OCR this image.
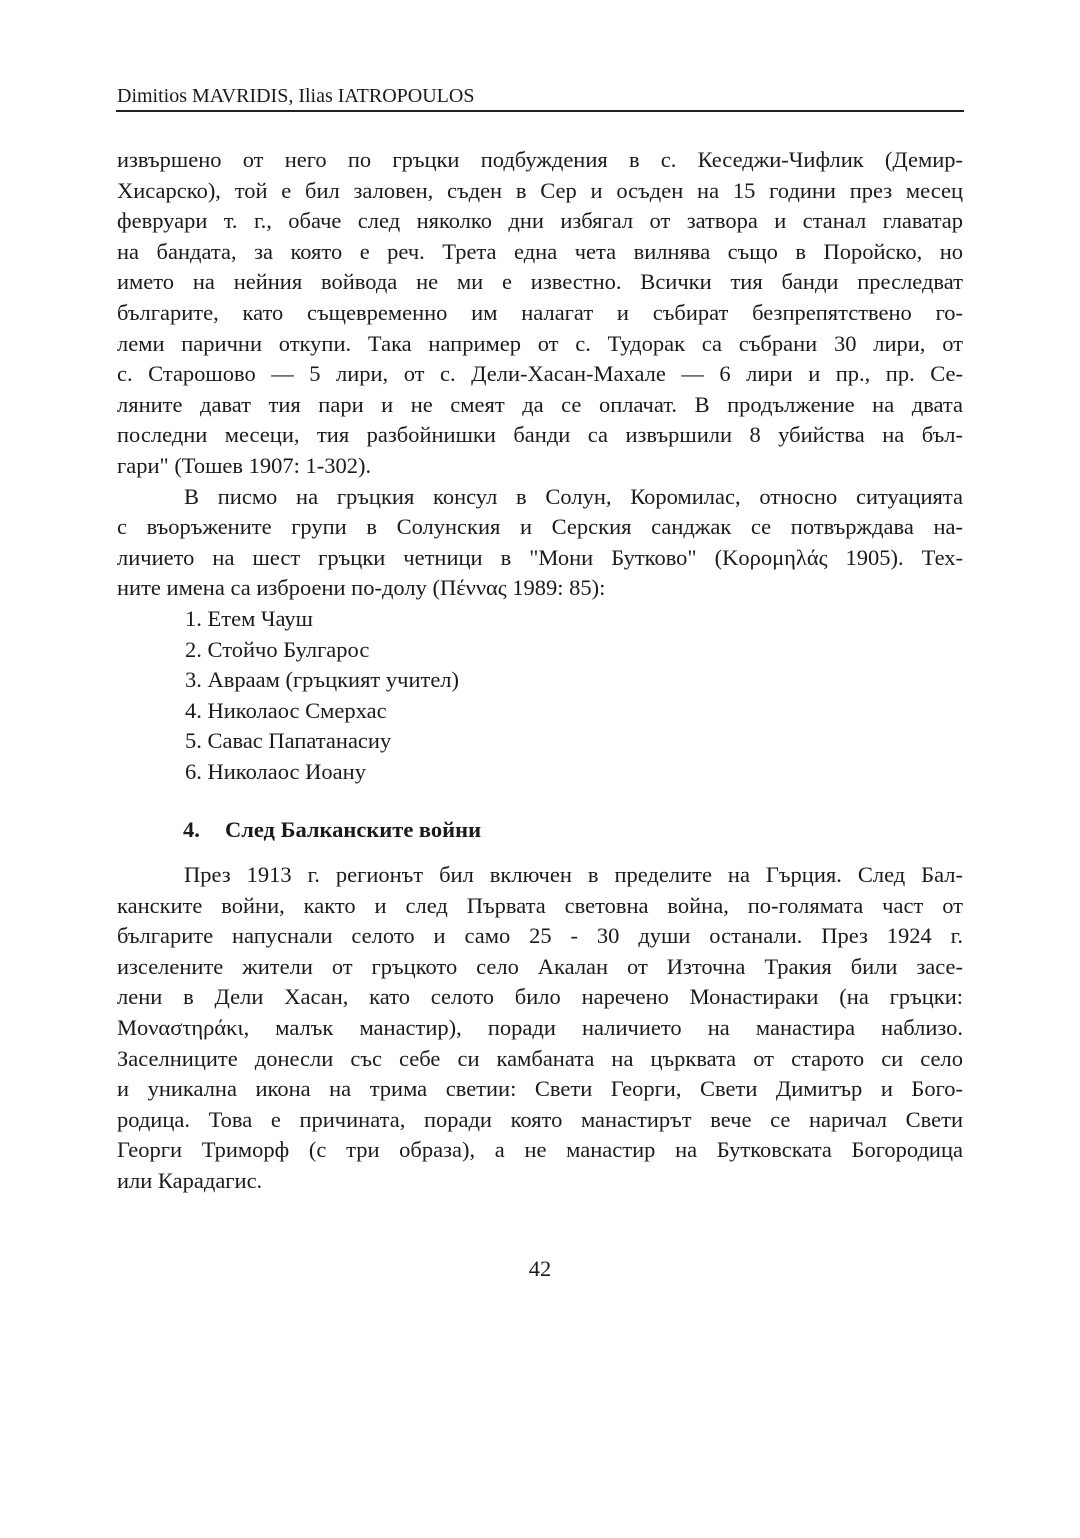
Dimitios MAVRIDIS, Ilias IATROPOULOS
извършено от него по гръцки подбуждения в с. Кеседжи-Чифлик (Демир-
Хисарско), той е бил заловен, съден в Сер и осъден на 15 години през месец
февруари т. г., обаче след няколко дни избягал от затвора и станал главатар
на бандата, за която е реч. Трета една чета вилнява също в Поройско, но
името на нейния войвода не ми е известно. Всички тия банди преследват
българите, като същевременно им налагат и събират безпрепятствено го-
леми парични откупи. Така например от с. Тудорак са събрани 30 лири, от
с. Старошово — 5 лири, от с. Дели-Хасан-Махале — 6 лири и пр., пр. Се-
ляните дават тия пари и не смеят да се оплачат. В продължение на двата
последни месеци, тия разбойнишки банди са извършили 8 убийства на бъл-
гари" (Тошев 1907: 1-302).
В писмо на гръцкия консул в Солун, Коромилас, относно ситуацията
с въоръжените групи в Солунския и Серския санджак се потвърждава на-
личието на шест гръцки четници в "Мони Бутково" (Κορομηλάς 1905). Тех-
ните имена са изброени по-долу (Πέννας 1989: 85):
1. Етем Чауш
2. Стойчо Булгарос
3. Авраам (гръцкият учител)
4. Николаос Смерхас
5. Савас Папатанасиу
6. Николаос Иоану
4. След Балканските войни
През 1913 г. регионът бил включен в пределите на Гърция. След Бал-
канските войни, както и след Първата световна война, по-голямата част от
българите напуснали селото и само 25 - 30 души останали. През 1924 г.
изселените жители от гръцкото село Акалан от Източна Тракия били засе-
лени в Дели Хасан, като селото било наречено Монастираки (на гръцки:
Μοναστηράκι, малък манастир), поради наличието на манастира наблизо.
Заселниците донесли със себе си камбаната на църквата от старото си село
и уникална икона на трима светии: Свети Георги, Свети Димитър и Бого-
родица. Това е причината, поради която манастирът вече се наричал Свети
Георги Триморф (с три образа), а не манастир на Бутковската Богородица
или Карадагис.
42
